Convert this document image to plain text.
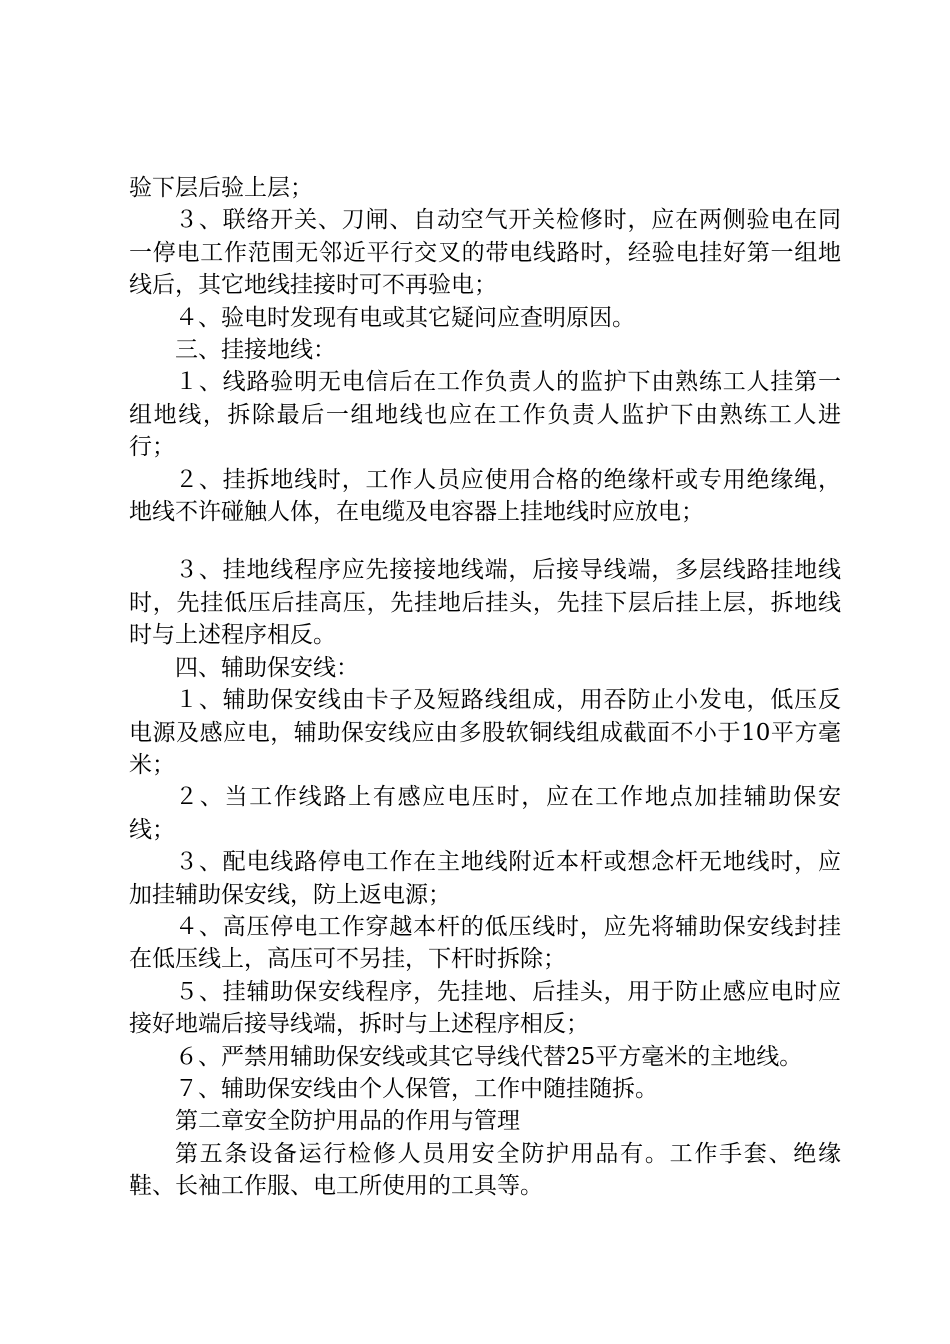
验下层后验上层；

３、联络开关、刀闸、自动空气开关检修时，应在两侧验电在同一停电工作范围无邻近平行交叉的带电线路时，经验电挂好第一组地线后，其它地线挂接时可不再验电；

４、验电时发现有电或其它疑问应查明原因。

三、挂接地线：

１、线路验明无电信后在工作负责人的监护下由熟练工人挂第一组地线，拆除最后一组地线也应在工作负责人监护下由熟练工人进行；

２、挂拆地线时，工作人员应使用合格的绝缘杆或专用绝缘绳，地线不许碰触人体，在电缆及电容器上挂地线时应放电；

３、挂地线程序应先接接地线端，后接导线端，多层线路挂地线时，先挂低压后挂高压，先挂地后挂头，先挂下层后挂上层，拆地线时与上述程序相反。

四、辅助保安线：

１、辅助保安线由卡子及短路线组成，用吞防止小发电，低压反电源及感应电，辅助保安线应由多股软铜线组成截面不小于10平方毫米；

２、当工作线路上有感应电压时，应在工作地点加挂辅助保安线；

３、配电线路停电工作在主地线附近本杆或想念杆无地线时，应加挂辅助保安线，防上返电源；

４、高压停电工作穿越本杆的低压线时，应先将辅助保安线封挂在低压线上，高压可不另挂，下杆时拆除；

５、挂辅助保安线程序，先挂地、后挂头，用于防止感应电时应接好地端后接导线端，拆时与上述程序相反；

６、严禁用辅助保安线或其它导线代替25平方毫米的主地线。

７、辅助保安线由个人保管，工作中随挂随拆。

第二章安全防护用品的作用与管理

第五条设备运行检修人员用安全防护用品有。工作手套、绝缘鞋、长袖工作服、电工所使用的工具等。
